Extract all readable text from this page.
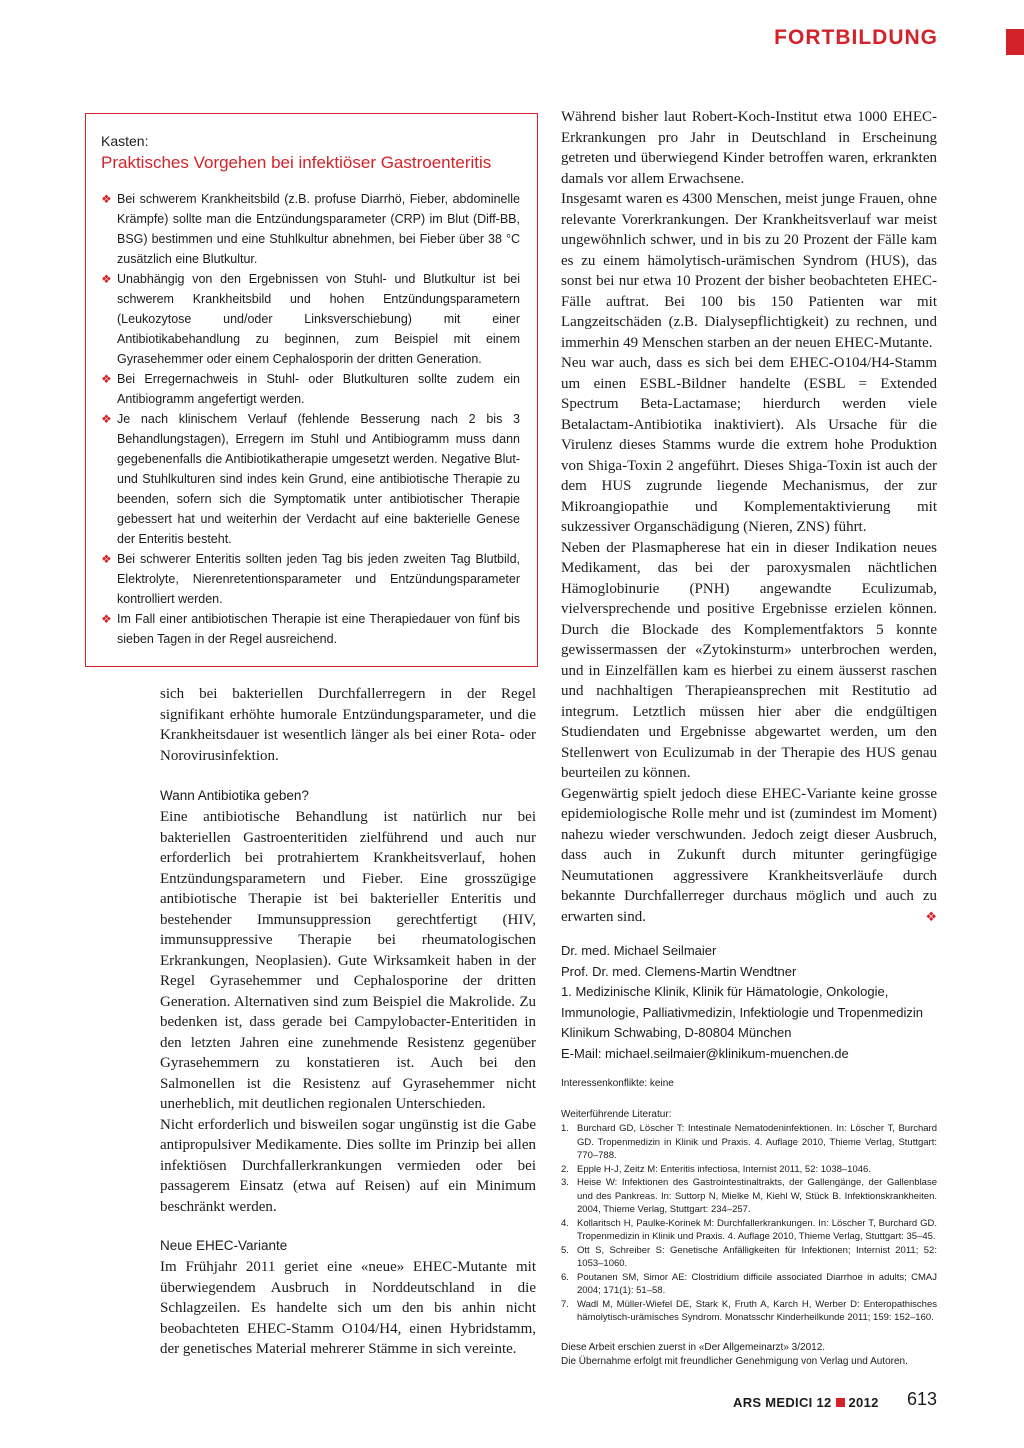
FORTBILDUNG
Kasten:
Praktisches Vorgehen bei infektiöser Gastroenteritis
❖ Bei schwerem Krankheitsbild (z.B. profuse Diarrhö, Fieber, abdominelle Krämpfe) sollte man die Entzündungsparameter (CRP) im Blut (Diff-BB, BSG) bestimmen und eine Stuhlkultur abnehmen, bei Fieber über 38 °C zusätzlich eine Blutkultur.
❖ Unabhängig von den Ergebnissen von Stuhl- und Blutkultur ist bei schwerem Krankheitsbild und hohen Entzündungsparametern (Leukozytose und/oder Linksverschiebung) mit einer Antibiotikabehandlung zu beginnen, zum Beispiel mit einem Gyrasehemmer oder einem Cephalosporin der dritten Generation.
❖ Bei Erregernachweis in Stuhl- oder Blutkulturen sollte zudem ein Antibiogramm angefertigt werden.
❖ Je nach klinischem Verlauf (fehlende Besserung nach 2 bis 3 Behandlungstagen), Erregern im Stuhl und Antibiogramm muss dann gegebenenfalls die Antibiotikatherapie umgesetzt werden. Negative Blut- und Stuhlkulturen sind indes kein Grund, eine antibiotische Therapie zu beenden, sofern sich die Symptomatik unter antibiotischer Therapie gebessert hat und weiterhin der Verdacht auf eine bakterielle Genese der Enteritis besteht.
❖ Bei schwerer Enteritis sollten jeden Tag bis jeden zweiten Tag Blutbild, Elektrolyte, Nierenretentionsparameter und Entzündungsparameter kontrolliert werden.
❖ Im Fall einer antibiotischen Therapie ist eine Therapiedauer von fünf bis sieben Tagen in der Regel ausreichend.

sich bei bakteriellen Durchfallerregern in der Regel signifikant erhöhte humorale Entzündungsparameter, und die Krankheitsdauer ist wesentlich länger als bei einer Rota- oder Norovirusinfektion.

Wann Antibiotika geben?

Eine antibiotische Behandlung ist natürlich nur bei bakteriellen Gastroenteritiden zielführend und auch nur erforderlich bei protrahiertem Krankheitsverlauf, hohen Entzündungsparametern und Fieber. Eine grosszügige antibiotische Therapie ist bei bakterieller Enteritis und bestehender Immunsuppression gerechtfertigt (HIV, immunsuppressive Therapie bei rheumatologischen Erkrankungen, Neoplasien). Gute Wirksamkeit haben in der Regel Gyrasehemmer und Cephalosporine der dritten Generation. Alternativen sind zum Beispiel die Makrolide. Zu bedenken ist, dass gerade bei Campylobacter-Enteritiden in den letzten Jahren eine zunehmende Resistenz gegenüber Gyrasehemmern zu konstatieren ist. Auch bei den Salmonellen ist die Resistenz auf Gyrasehemmer nicht unerheblich, mit deutlichen regionalen Unterschieden.

Nicht erforderlich und bisweilen sogar ungünstig ist die Gabe antipropulsiver Medikamente. Dies sollte im Prinzip bei allen infektiösen Durchfallerkrankungen vermieden oder bei passagerem Einsatz (etwa auf Reisen) auf ein Minimum beschränkt werden.

Neue EHEC-Variante

Im Frühjahr 2011 geriet eine «neue» EHEC-Mutante mit überwiegendem Ausbruch in Norddeutschland in die Schlagzeilen. Es handelte sich um den bis anhin nicht beobachteten EHEC-Stamm O104/H4, einen Hybridstamm, der genetisches Material mehrerer Stämme in sich vereinte.

Während bisher laut Robert-Koch-Institut etwa 1000 EHEC-Erkrankungen pro Jahr in Deutschland in Erscheinung getreten und überwiegend Kinder betroffen waren, erkrankten damals vor allem Erwachsene.

Insgesamt waren es 4300 Menschen, meist junge Frauen, ohne relevante Vorerkrankungen. Der Krankheitsverlauf war meist ungewöhnlich schwer, und in bis zu 20 Prozent der Fälle kam es zu einem hämolytisch-urämischen Syndrom (HUS), das sonst bei nur etwa 10 Prozent der bisher beobachteten EHEC-Fälle auftrat. Bei 100 bis 150 Patienten war mit Langzeitschäden (z.B. Dialysepflichtigkeit) zu rechnen, und immerhin 49 Menschen starben an der neuen EHEC-Mutante.

Neu war auch, dass es sich bei dem EHEC-O104/H4-Stamm um einen ESBL-Bildner handelte (ESBL = Extended Spectrum Beta-Lactamase; hierdurch werden viele Betalactam-Antibiotika inaktiviert). Als Ursache für die Virulenz dieses Stamms wurde die extrem hohe Produktion von Shiga-Toxin 2 angeführt. Dieses Shiga-Toxin ist auch der dem HUS zugrunde liegende Mechanismus, der zur Mikroangiopathie und Komplementaktivierung mit sukzessiver Organschädigung (Nieren, ZNS) führt.

Neben der Plasmapherese hat ein in dieser Indikation neues Medikament, das bei der paroxysmalen nächtlichen Hämoglobinurie (PNH) angewandte Eculizumab, vielversprechende und positive Ergebnisse erzielen können. Durch die Blockade des Komplementfaktors 5 konnte gewissermassen der «Zytokinsturm» unterbrochen werden, und in Einzelfällen kam es hierbei zu einem äusserst raschen und nachhaltigen Therapieansprechen mit Restitutio ad integrum. Letztlich müssen hier aber die endgültigen Studiendaten und Ergebnisse abgewartet werden, um den Stellenwert von Eculizumab in der Therapie des HUS genau beurteilen zu können.

Gegenwärtig spielt jedoch diese EHEC-Variante keine grosse epidemiologische Rolle mehr und ist (zumindest im Moment) nahezu wieder verschwunden. Jedoch zeigt dieser Ausbruch, dass auch in Zukunft durch mitunter geringfügige Neumutationen aggressivere Krankheitsverläufe durch bekannte Durchfallerreger durchaus möglich und auch zu erwarten sind.	❖

Dr. med. Michael Seilmaier
Prof. Dr. med. Clemens-Martin Wendtner
1. Medizinische Klinik, Klinik für Hämatologie, Onkologie,
Immunologie, Palliativmedizin, Infektiologie und Tropenmedizin
Klinikum Schwabing, D-80804 München
E-Mail: michael.seilmaier@klinikum-muenchen.de
Interessenkonflikte: keine
Weiterführende Literatur:
1. Burchard GD, Löscher T: Intestinale Nematodeninfektionen. In: Löscher T, Burchard GD. Tropenmedizin in Klinik und Praxis. 4. Auflage 2010, Thieme Verlag, Stuttgart: 770–788.
2. Epple H-J, Zeitz M: Enteritis infectiosa, Internist 2011, 52: 1038–1046.
3. Heise W: Infektionen des Gastrointestinaltrakts, der Gallengänge, der Gallenblase und des Pankreas. In: Suttorp N, Mielke M, Kiehl W, Stück B. Infektionskrankheiten. 2004, Thieme Verlag, Stuttgart: 234–257.
4. Kollaritsch H, Paulke-Korinek M: Durchfallerkrankungen. In: Löscher T, Burchard GD. Tropenmedizin in Klinik und Praxis. 4. Auflage 2010, Thieme Verlag, Stuttgart: 35–45.
5. Ott S, Schreiber S: Genetische Anfälligkeiten für Infektionen; Internist 2011; 52: 1053–1060.
6. Poutanen SM, Simor AE: Clostridium difficile associated Diarrhoe in adults; CMAJ 2004; 171(1): 51–58.
7. Wadl M, Müller-Wiefel DE, Stark K, Fruth A, Karch H, Werber D: Enteropathisches hämolytisch-urämisches Syndrom. Monatsschr Kinderheilkunde 2011; 159: 152–160.
Diese Arbeit erschien zuerst in «Der Allgemeinarzt» 3/2012.
Die Übernahme erfolgt mit freundlicher Genehmigung von Verlag und Autoren.
ARS MEDICI 12 2012 613
